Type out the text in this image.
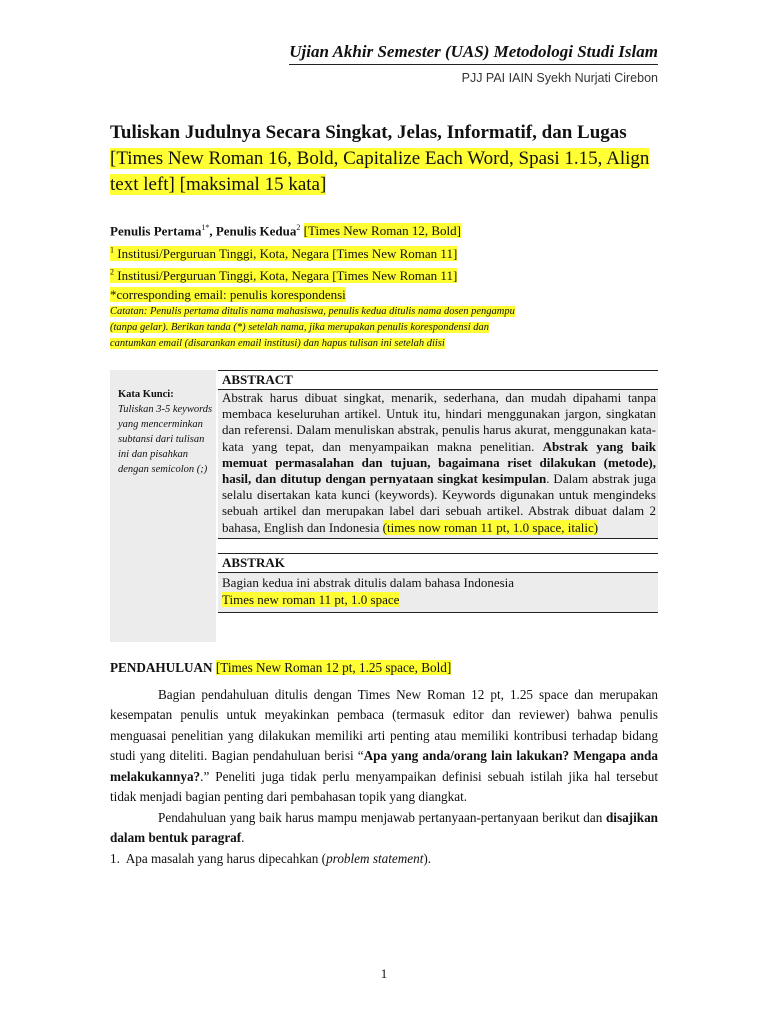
Ujian Akhir Semester (UAS) Metodologi Studi Islam
PJJ PAI IAIN Syekh Nurjati Cirebon
Tuliskan Judulnya Secara Singkat, Jelas, Informatif, dan Lugas [Times New Roman 16, Bold, Capitalize Each Word, Spasi 1.15, Align text left] [maksimal 15 kata]
Penulis Pertama$^{1*}$, Penulis Kedua$^2$ [Times New Roman 12, Bold]
$^1$ Institusi/Perguruan Tinggi, Kota, Negara [Times New Roman 11]
$^2$ Institusi/Perguruan Tinggi, Kota, Negara [Times New Roman 11]
*corresponding email: penulis korespondensi
Catatan: Penulis pertama ditulis nama mahasiswa, penulis kedua ditulis nama dosen pengampu
(tanpa gelar). Berikan tanda (*) setelah nama, jika merupakan penulis korespondensi dan
cantumkan email (disarankan email institusi) dan hapus tulisan ini setelah diisi
Kata Kunci:
Tuliskan 3-5 keywords yang mencerminkan subtansi dari tulisan ini dan pisahkan dengan semicolon (;)
ABSTRACT
Abstrak harus dibuat singkat, menarik, sederhana, dan mudah dipahami tanpa membaca keseluruhan artikel. Untuk itu, hindari menggunakan jargon, singkatan dan referensi. Dalam menuliskan abstrak, penulis harus akurat, menggunakan kata-kata yang tepat, dan menyampaikan makna penelitian. Abstrak yang baik memuat permasalahan dan tujuan, bagaimana riset dilakukan (metode), hasil, dan ditutup dengan pernyataan singkat kesimpulan. Dalam abstrak juga selalu disertakan kata kunci (keywords). Keywords digunakan untuk mengindeks sebuah artikel dan merupakan label dari sebuah artikel. Abstrak dibuat dalam 2 bahasa, English dan Indonesia (times now roman 11 pt, 1.0 space, italic)
ABSTRAK
Bagian kedua ini abstrak ditulis dalam bahasa Indonesia
Times new roman 11 pt, 1.0 space
PENDAHULUAN [Times New Roman 12 pt, 1.25 space, Bold]

Bagian pendahuluan ditulis dengan Times New Roman 12 pt, 1.25 space dan merupakan kesempatan penulis untuk meyakinkan pembaca (termasuk editor dan reviewer) bahwa penulis menguasai penelitian yang dilakukan memiliki arti penting atau memiliki kontribusi terhadap bidang studi yang diteliti. Bagian pendahuluan berisi “Apa yang anda/orang lain lakukan? Mengapa anda melakukannya?.” Peneliti juga tidak perlu menyampaikan definisi sebuah istilah jika hal tersebut tidak menjadi bagian penting dari pembahasan topik yang diangkat.

Pendahuluan yang baik harus mampu menjawab pertanyaan-pertanyaan berikut dan disajikan dalam bentuk paragraf.

1. Apa masalah yang harus dipecahkan (problem statement).

1
